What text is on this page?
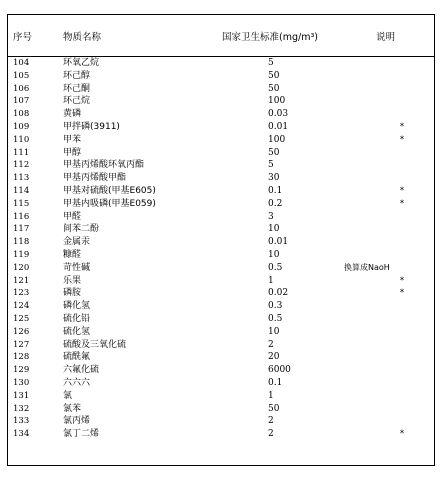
序号	物质名称	国家卫生标准(mg/m³)	说明
104	环氧乙烷	5
105	环己醇	50
106	环己酮	50
107	环己烷	100
108	黄磷	0.03
109	甲拌磷(3911)	0.01	*
110	甲苯	100	*
111	甲醇	50
112	甲基丙烯酸环氧丙酯	5
113	甲基丙烯酸甲酯	30
114	甲基对硫酸(甲基E605)	0.1	*
115	甲基内吸磷(甲基E059)	0.2	*
116	甲醛	3
117	间苯二酚	10
118	金属汞	0.01
119	糠醛	10
120	苛性碱	0.5	换算成NaoH
121	乐果	1	*
123	磷胺	0.02	*
124	磷化氢	0.3
125	硫化铅	0.5
126	硫化氢	10
127	硫酸及三氧化硫	2
128	硫酰氟	20
129	六氟化硫	6000
130	六六六	0.1
131	氯	1
132	氯苯	50
133	氯丙烯	2
134	氯丁二烯	2	*
